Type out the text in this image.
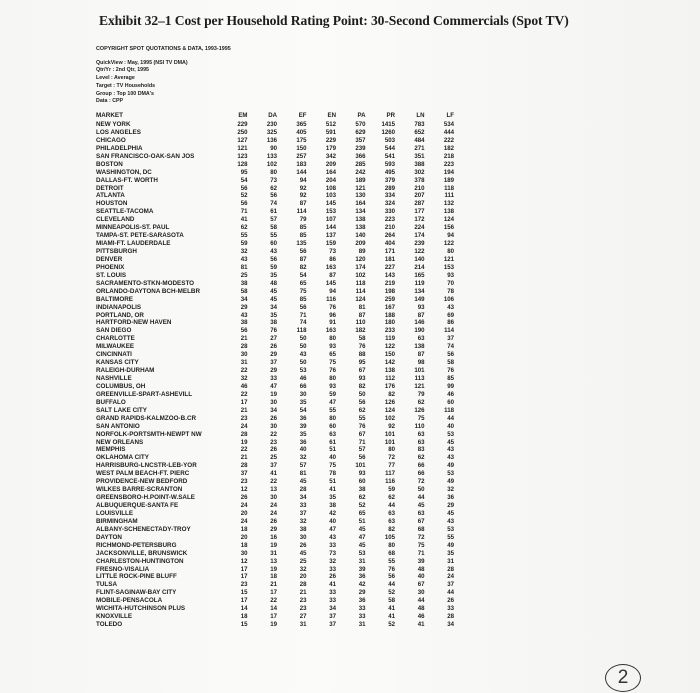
Exhibit 32–1 Cost per Household Rating Point: 30-Second Commercials (Spot TV)
COPYRIGHT SPOT QUOTATIONS & DATA, 1993-1995
QuickView : May, 1995 (NSI TV DMA)
Qtr/Yr : 2nd Qtr, 1995
Level : Average
Target : TV Households
Group : Top 100 DMA's
Data : CPP
MARKET	EM	DA	EF	EN	PA	PR	LN	LF
NEW YORK	229	230	365	512	570	1415	783	534
LOS ANGELES	250	325	405	591	629	1260	652	444
CHICAGO	127	136	175	229	357	503	484	222
PHILADELPHIA	121	90	150	179	239	544	271	182
SAN FRANCISCO-OAK-SAN JOS	123	133	257	342	366	541	351	218
BOSTON	128	102	183	209	285	593	388	223
WASHINGTON, DC	95	80	144	164	242	495	302	194
DALLAS-FT. WORTH	54	73	94	204	189	379	378	189
DETROIT	56	62	92	108	121	289	210	118
ATLANTA	52	56	92	103	130	334	207	111
HOUSTON	56	74	87	145	164	324	287	132
SEATTLE-TACOMA	71	61	114	153	134	330	177	138
CLEVELAND	41	57	79	107	138	223	172	124
MINNEAPOLIS-ST. PAUL	62	58	85	144	138	210	224	156
TAMPA-ST. PETE-SARASOTA	55	55	85	137	140	264	174	94
MIAMI-FT. LAUDERDALE	59	60	135	159	209	404	239	122
PITTSBURGH	32	43	56	73	89	171	122	80
DENVER	43	56	87	86	120	181	140	121
PHOENIX	81	59	82	163	174	227	214	153
ST. LOUIS	25	35	54	87	102	143	165	93
SACRAMENTO-STKN-MODESTO	38	48	65	145	118	219	119	70
ORLANDO-DAYTONA BCH-MELBR	58	45	75	94	114	198	134	78
BALTIMORE	34	45	85	116	124	259	149	106
INDIANAPOLIS	29	34	56	76	81	167	93	43
PORTLAND, OR	43	35	71	96	87	188	87	69
HARTFORD-NEW HAVEN	38	38	74	91	110	180	146	86
SAN DIEGO	56	76	118	163	182	233	190	114
CHARLOTTE	21	27	50	80	58	119	63	37
MILWAUKEE	28	26	50	93	76	122	138	74
CINCINNATI	30	29	43	65	88	150	87	56
KANSAS CITY	31	37	50	75	95	142	98	58
RALEIGH-DURHAM	22	29	53	76	67	138	101	76
NASHVILLE	32	33	46	80	93	112	113	85
COLUMBUS, OH	46	47	66	93	82	176	121	99
GREENVILLE-SPART-ASHEVILL	22	19	30	59	50	82	79	46
BUFFALO	17	30	35	47	56	126	62	60
SALT LAKE CITY	21	34	54	55	62	124	126	118
GRAND RAPIDS-KALMZOO-B.CR	23	26	36	80	55	102	75	44
SAN ANTONIO	24	30	39	60	76	92	110	40
NORFOLK-PORTSMTH-NEWPT NW	28	22	35	63	67	101	63	53
NEW ORLEANS	19	23	36	61	71	101	63	45
MEMPHIS	22	26	40	51	57	80	83	43
OKLAHOMA CITY	21	25	32	40	56	72	62	43
HARRISBURG-LNCSTR-LEB-YOR	28	37	57	75	101	77	66	49
WEST PALM BEACH-FT. PIERC	37	41	81	78	93	117	66	53
PROVIDENCE-NEW BEDFORD	23	22	45	51	60	116	72	49
WILKES BARRE-SCRANTON	12	13	28	41	38	59	50	32
GREENSBORO-H.POINT-W.SALE	26	30	34	35	62	62	44	36
ALBUQUERQUE-SANTA FE	24	24	33	38	52	44	45	29
LOUISVILLE	20	24	37	42	65	63	63	45
BIRMINGHAM	24	26	32	40	51	63	67	43
ALBANY-SCHENECTADY-TROY	18	29	38	47	45	82	68	53
DAYTON	20	16	30	43	47	105	72	55
RICHMOND-PETERSBURG	18	19	26	33	45	80	75	49
JACKSONVILLE, BRUNSWICK	30	31	45	73	53	68	71	35
CHARLESTON-HUNTINGTON	12	13	25	32	31	55	39	31
FRESNO-VISALIA	17	19	32	33	39	76	48	28
LITTLE ROCK-PINE BLUFF	17	18	20	26	36	56	40	24
TULSA	23	21	28	41	42	44	67	37
FLINT-SAGINAW-BAY CITY	15	17	21	33	29	52	30	44
MOBILE-PENSACOLA	17	22	23	33	36	58	44	26
WICHITA-HUTCHINSON PLUS	14	14	23	34	33	41	48	33
KNOXVILLE	18	17	27	37	33	41	46	28
TOLEDO	15	19	31	37	31	52	41	34
2
